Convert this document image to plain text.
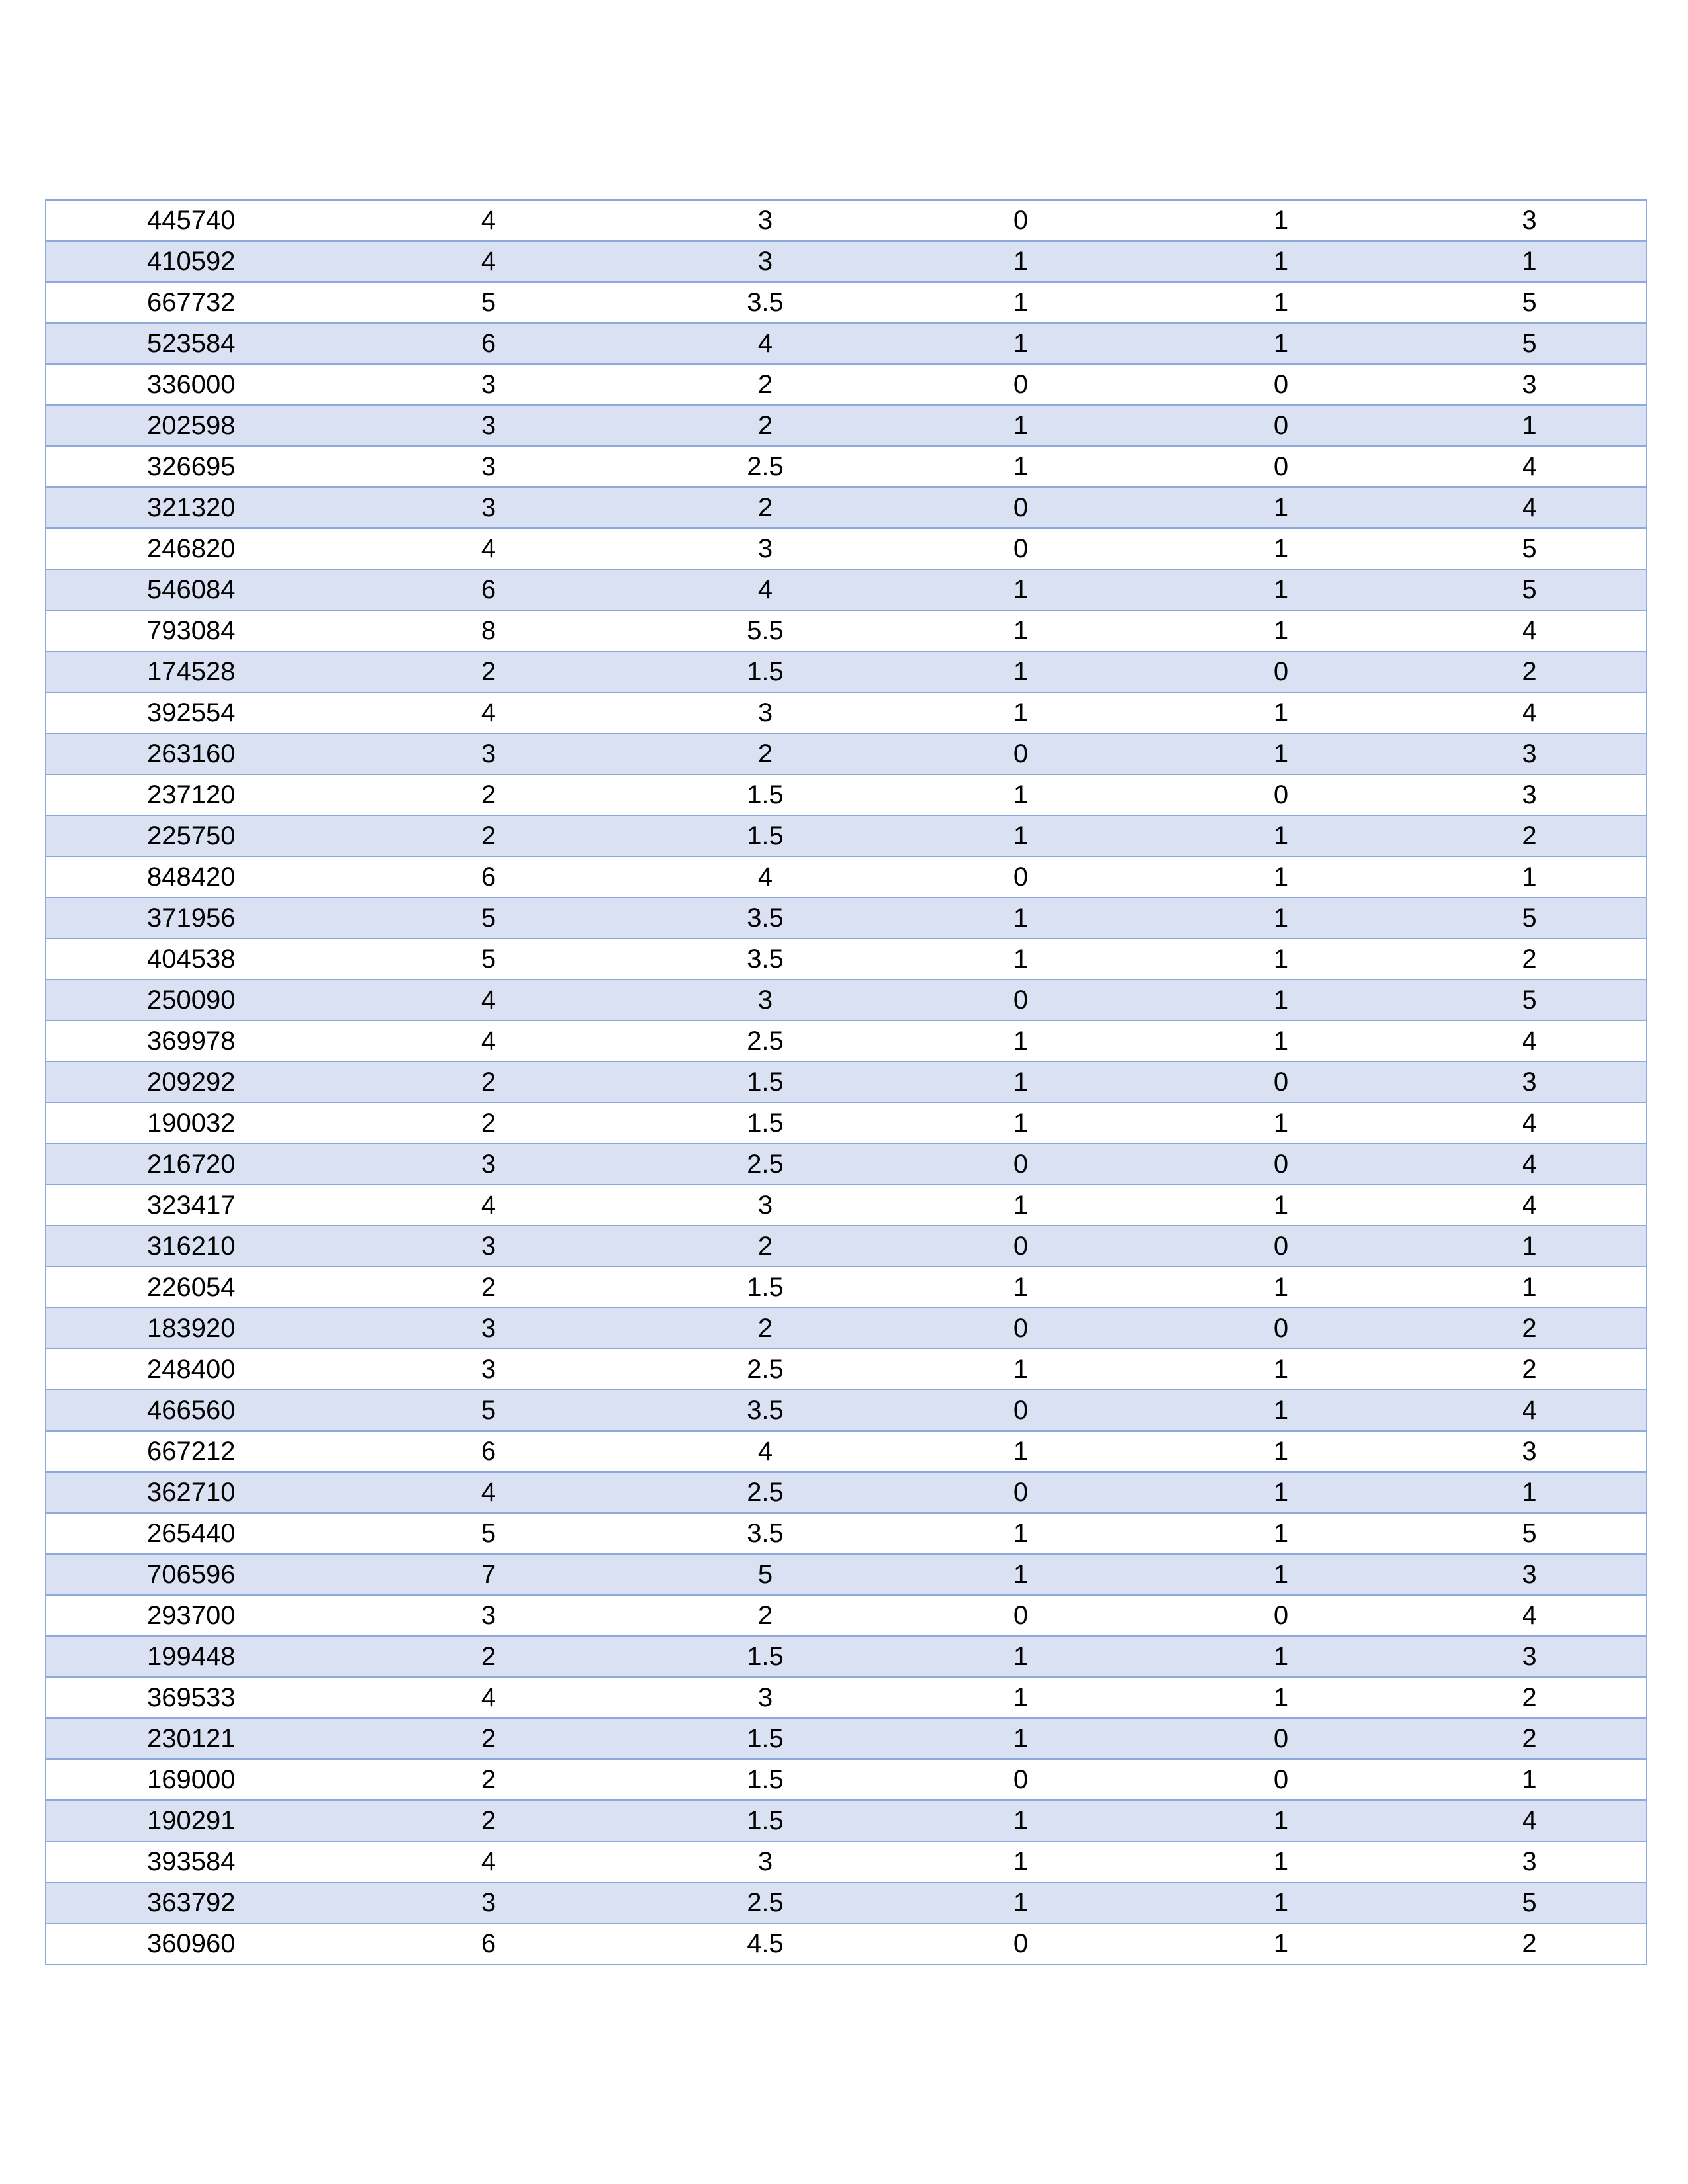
445740	4	3	0	1	3
410592	4	3	1	1	1
667732	5	3.5	1	1	5
523584	6	4	1	1	5
336000	3	2	0	0	3
202598	3	2	1	0	1
326695	3	2.5	1	0	4
321320	3	2	0	1	4
246820	4	3	0	1	5
546084	6	4	1	1	5
793084	8	5.5	1	1	4
174528	2	1.5	1	0	2
392554	4	3	1	1	4
263160	3	2	0	1	3
237120	2	1.5	1	0	3
225750	2	1.5	1	1	2
848420	6	4	0	1	1
371956	5	3.5	1	1	5
404538	5	3.5	1	1	2
250090	4	3	0	1	5
369978	4	2.5	1	1	4
209292	2	1.5	1	0	3
190032	2	1.5	1	1	4
216720	3	2.5	0	0	4
323417	4	3	1	1	4
316210	3	2	0	0	1
226054	2	1.5	1	1	1
183920	3	2	0	0	2
248400	3	2.5	1	1	2
466560	5	3.5	0	1	4
667212	6	4	1	1	3
362710	4	2.5	0	1	1
265440	5	3.5	1	1	5
706596	7	5	1	1	3
293700	3	2	0	0	4
199448	2	1.5	1	1	3
369533	4	3	1	1	2
230121	2	1.5	1	0	2
169000	2	1.5	0	0	1
190291	2	1.5	1	1	4
393584	4	3	1	1	3
363792	3	2.5	1	1	5
360960	6	4.5	0	1	2
